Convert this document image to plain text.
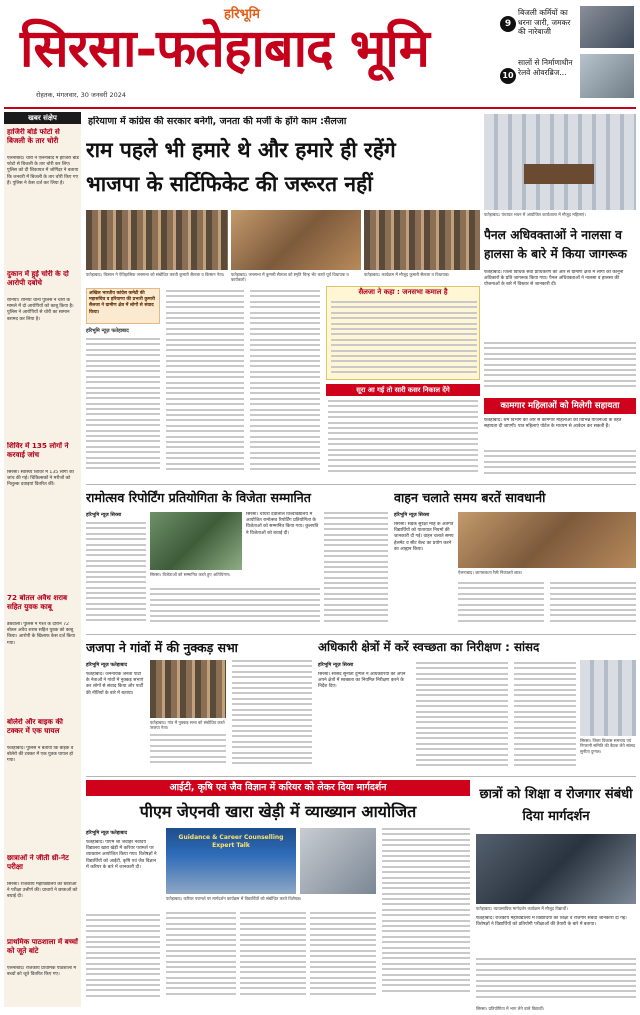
हरिभूमि
सिरसा-फतेहाबाद भूमि
रोहतक, मंगलवार, 30 जनवरी 2024
9
बिजली कर्मियों का धरना जारी, जमकर की नारेबाजी
10
सालों से निर्माणाधीन रेलवे ओवरब्रिज...
खबर संक्षेप
हाजिरी बोर्ड फोटो से बिजली के तार चोरी
ऐलनाबाद। चोरों ने ऐलनाबाद में हाजिरी बोर्ड फोटो से बिजली के तार चोरी कर लिए। पुलिस को दी शिकायत में जोगिंद्रर ने बताया कि जनवरी में बिजली के तार चोरी किए गए हैं। पुलिस ने केस दर्ज कर लिया है।
दुकान में हुई चोरी के दो आरोपी दबोचे
रानियां। रानियां थाना पुलिस ने चोरी के मामले में दो आरोपियों को काबू किया है। पुलिस ने आरोपियों से चोरी का सामान बरामद कर लिया है।
शिविर में 135 लोगों ने करवाई जांच
सिरसा। स्वास्थ्य शिविर में 135 लोगों की जांच की गई। चिकित्सकों ने मरीजों को निशुल्क दवाइयां वितरित कीं।
72 बोतल अवैध शराब सहित युवक काबू
डबवाली। पुलिस ने गश्त के दौरान 72 बोतल अवैध शराब सहित युवक को काबू किया। आरोपी के खिलाफ केस दर्ज किया गया।
बोलेरो और बाइक की टक्कर में एक घायल
फतेहाबाद। पुलिस ने बताया कि बाइक व बोलेरो की टक्कर में एक युवक घायल हो गया।
छात्राओं ने जीती थ्री-नेट परीक्षा
सिरसा। राजकीय महाविद्यालय की छात्राओं ने परीक्षा उत्तीर्ण की। प्राचार्य ने छात्राओं को बधाई दी।
प्राथमिक पाठशाला में बच्चों को जूते बांटे
ऐलनाबाद। राजकीय प्राथमिक पाठशाला में बच्चों को जूते वितरित किए गए।
हरियाणा में कांग्रेस की सरकार बनेगी, जनता की मर्जी के होंगे काम :सैलजा
राम पहले भी हमारे थे और हमारे ही रहेंगे
भाजपा के सर्टिफिकेट की जरूरत नहीं
फतेहाबाद। किसान ने ऐतिहासिक जनसभा को संबोधित करती कुमारी सैलजा व किसान नेता।	फतेहाबाद। जनसभा में कुमारी सैलजा को स्मृति चिन्ह भेंट करते पूर्व विधायक व कार्यकर्ता।
फतेहाबाद। कार्यक्रम में मौजूद कुमारी सैलजा व विधायक।
अखिल भारतीय कांग्रेस कमेटी की महासचिव व हरियाणा की प्रभारी कुमारी सैलजा ने ग्रामीण क्षेत्र में लोगों से संवाद किया।
हरिभूमि न्यूज़ फतेहाबाद
सैलजा ने कहा : जनसभा कमाल है
सूरा आ गई तो सारी कसर निकाल देंगे
फतेहाबाद। पंचायत भवन में आयोजित कार्यशाला में मौजूद महिलाएं।
पैनल अधिवक्ताओं ने नालसा व हालसा के बारे में किया जागरूक
फतेहाबाद। जिला विधिक सेवा प्राधिकरण की ओर से ग्रामीण क्षेत्रों में लोगों को कानूनी अधिकारों के प्रति जागरूक किया गया। पैनल अधिवक्ताओं ने नालसा व हालसा की योजनाओं के बारे में विस्तार से जानकारी दी।
कामगार महिलाओं को मिलेगी सहायता
फतेहाबाद। श्रम विभाग की ओर से कामगार महिलाओं को विभिन्न योजनाओं के तहत सहायता दी जाएगी। पात्र महिलाएं पोर्टल के माध्यम से आवेदन कर सकती हैं।
रामोत्सव रिपोर्टिंग प्रतियोगिता के विजेता सम्मानित
हरिभूमि न्यूज़ सिरसा
सिरसा। विजेताओं को सम्मानित करते हुए अतिथिगण।
सिरसा। चौधरी देवीलाल विश्वविद्यालय में आयोजित रामोत्सव रिपोर्टिंग प्रतियोगिता के विजेताओं को सम्मानित किया गया। कुलपति ने विजेताओं को बधाई दी।
वाहन चलाते समय बरतें सावधानी
हरिभूमि न्यूज़ सिरसा
सिरसा। सड़क सुरक्षा माह के अंतर्गत विद्यार्थियों को यातायात नियमों की जानकारी दी गई। वाहन चलाते समय हेलमेट व सीट बेल्ट का प्रयोग करने का आह्वान किया।
ऐलनाबाद। जागरूकता रैली निकालते छात्र।
जजपा ने गांवों में की नुक्कड़ सभा
हरिभूमि न्यूज़ फतेहाबाद
फतेहाबाद। जननायक जनता पार्टी के नेताओं ने गांवों में नुक्कड़ सभाएं कर लोगों से संवाद किया और पार्टी की नीतियों के बारे में बताया।
फतेहाबाद। गांव में नुक्कड़ सभा को संबोधित करते जजपा नेता।
अधिकारी क्षेत्रों में करें स्वच्छता का निरीक्षण : सांसद
हरिभूमि न्यूज़ सिरसा
सिरसा। सांसद सुनीता दुग्गल ने अधिकारियों को अपने अपने क्षेत्रों में स्वच्छता का नियमित निरीक्षण करने के निर्देश दिए।
सिरसा। जिला विकास समन्वय एवं निगरानी समिति की बैठक लेते सांसद सुनीता दुग्गल।
आईटी, कृषि एवं जैव विज्ञान में करियर को लेकर दिया मार्गदर्शन
पीएम जेएनवी खारा खेड़ी में व्याख्यान आयोजित
हरिभूमि न्यूज़ फतेहाबाद
Guidance & Career Counselling Expert Talk
फतेहाबाद। पीएम श्री जवाहर नवोदय विद्यालय खारा खेड़ी में करियर परामर्श पर व्याख्यान आयोजित किया गया। विशेषज्ञों ने विद्यार्थियों को आईटी, कृषि एवं जैव विज्ञान में करियर के बारे में जानकारी दी।
फतेहाबाद। करियर परामर्श पर मार्गदर्शन कार्यक्रम में विद्यार्थियों को संबोधित करते विशेषज्ञ।
छात्रों को शिक्षा व रोजगार संबंधी दिया मार्गदर्शन
फतेहाबाद। व्यावसायिक मार्गदर्शन कार्यक्रम में मौजूद विद्यार्थी।
फतेहाबाद। राजकीय महाविद्यालय में विद्यार्थियों को शिक्षा व रोजगार संबंधी जानकारी दी गई। विशेषज्ञों ने विद्यार्थियों को प्रतियोगी परीक्षाओं की तैयारी के बारे में बताया।
सिरसा। प्रतियोगिता में भाग लेने वाले विद्यार्थी।
